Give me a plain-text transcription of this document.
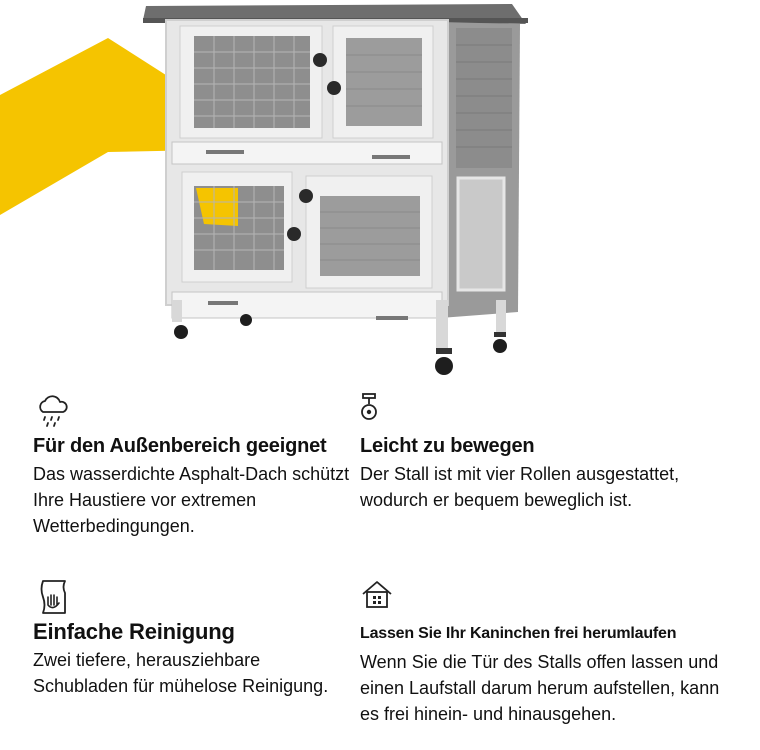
Für den Außenbereich geeignet

Das wasserdichte Asphalt-Dach schützt Ihre Haustiere vor extremen Wetterbedingungen.

Leicht zu bewegen

Der Stall ist mit vier Rollen ausgestattet, wodurch er bequem beweglich ist.

Einfache Reinigung

Zwei tiefere, herausziehbare Schubladen für mühelose Reinigung.

Lassen Sie Ihr Kaninchen frei herumlaufen

Wenn Sie die Tür des Stalls offen lassen und einen Laufstall darum herum aufstellen, kann es frei hinein- und hinausgehen.
